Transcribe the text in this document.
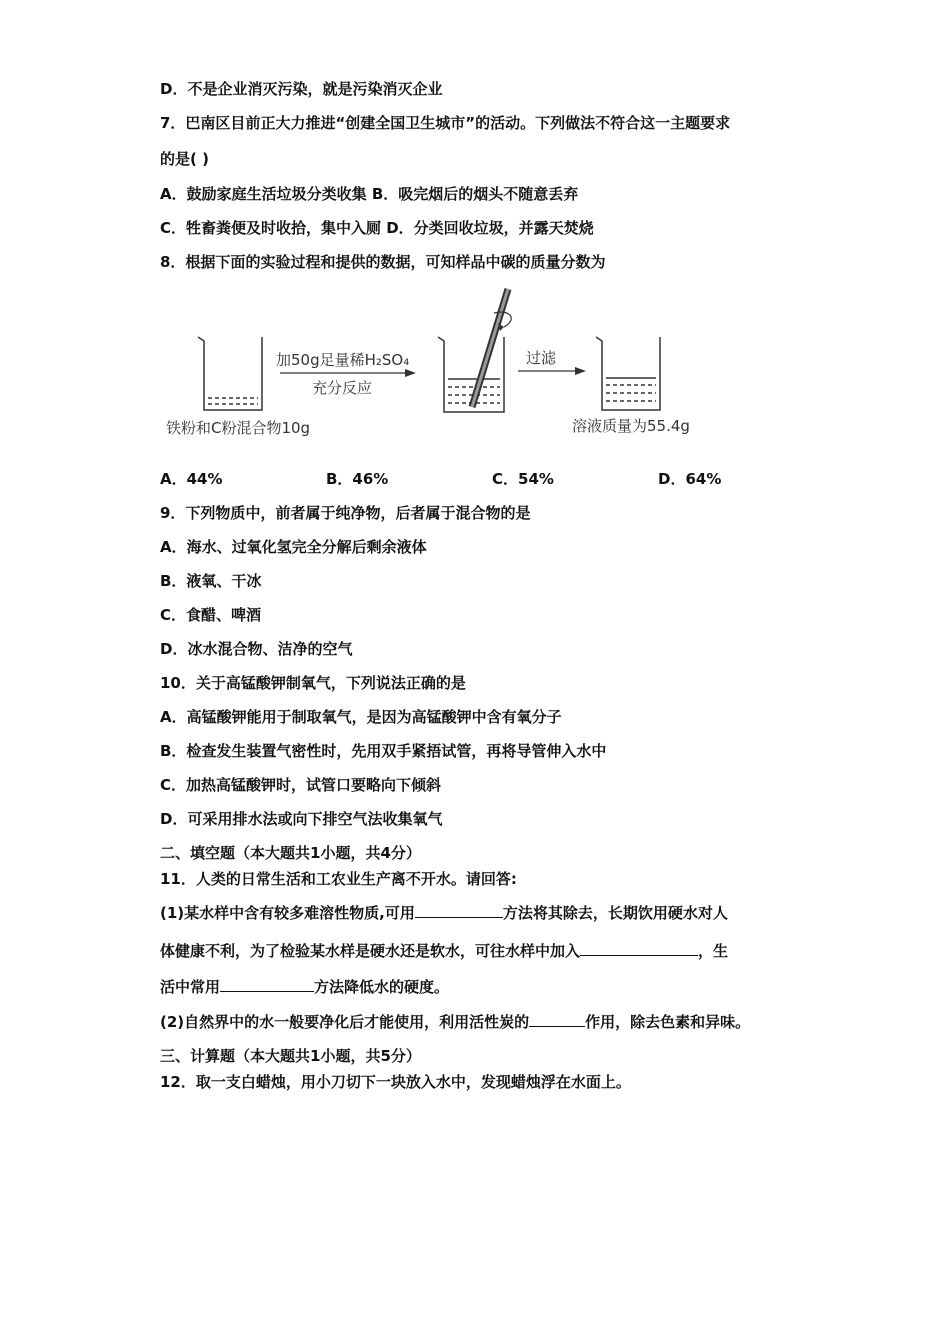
D．不是企业消灭污染，就是污染消灭企业
7．巴南区目前正大力推进“创建全国卫生城市”的活动。下列做法不符合这一主题要求
的是( )
A．鼓励家庭生活垃圾分类收集 B．吸完烟后的烟头不随意丢弃
C．牲畜粪便及时收拾，集中入厕 D．分类回收垃圾，并露天焚烧
8．根据下面的实验过程和提供的数据，可知样品中碳的质量分数为
加50g足量稀H₂SO₄
充分反应
过滤
铁粉和C粉混合物10g	溶液质量为55.4g
A．44%	B．46%	C．54%	D．64%
9．下列物质中，前者属于纯净物，后者属于混合物的是
A．海水、过氧化氢完全分解后剩余液体
B．液氧、干冰
C．食醋、啤酒
D．冰水混合物、洁净的空气
10．关于高锰酸钾制氧气，下列说法正确的是
A．高锰酸钾能用于制取氧气，是因为高锰酸钾中含有氧分子
B．检查发生装置气密性时，先用双手紧捂试管，再将导管伸入水中
C．加热高锰酸钾时，试管口要略向下倾斜
D．可采用排水法或向下排空气法收集氧气
二、填空题（本大题共1小题，共4分）
11．人类的日常生活和工农业生产离不开水。请回答:
(1)某水样中含有较多难溶性物质,可用	方法将其除去，长期饮用硬水对人
体健康不利，为了检验某水样是硬水还是软水，可往水样中加入	，生
活中常用	方法降低水的硬度。
(2)自然界中的水一般要净化后才能使用，利用活性炭的	作用，除去色素和异味。
三、计算题（本大题共1小题，共5分）
12．取一支白蜡烛，用小刀切下一块放入水中，发现蜡烛浮在水面上。
